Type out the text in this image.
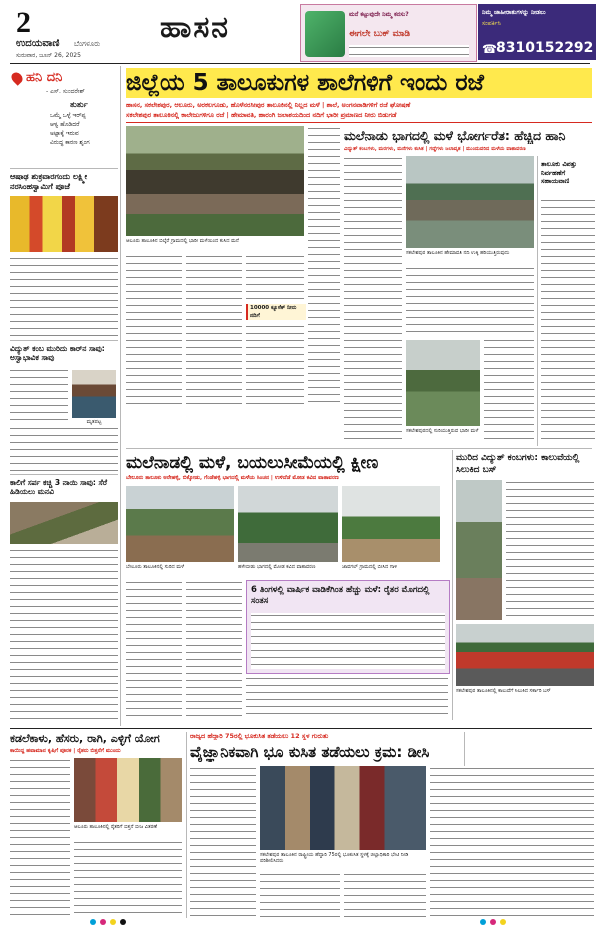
2
ಉದಯವಾಣಿ ಬೆಂಗಳೂರು
ಸುರುವಾರ, ಜೂನ್ 26, 2025
ಹಾಸನ	ಮನೆ ಕಟ್ಟುವುದೇ ನಿಮ್ಮ ಕನಸು?
ಈಗಲೇ ಬುಕ್ ಮಾಡಿ
ನಿಮ್ಮ ಜಾಹೀರಾತುಗಳನ್ನು ನೀಡಲು
ಸಂಪರ್ಕಿಸಿ
☎ 8310152292
ಹನಿ ದನಿ
- ಎಸ್. ಸುಂದರೇಶ್
ತುರ್ತು
ಒಮ್ಮೆ ಒಳ್ಳೆ ಇರ್‌ಪ್ಪ
ಆಳ್ವ ಹೊಡಿದರೆ
ಅಟ್ಟಾಕ್ಕೆ ಇರುವ
ವಿರುದ್ಧ ಕಾರಣ ಶೃಂಗ
ಆಷಾಢ ಶುಕ್ರವಾರಗಂದು ಲಕ್ಷ್ಮೀ ನರಸಿಂಹಸ್ವಾಮಿಗೆ ಪೂಜೆ
ವಿದ್ಯುತ್ ಕಂಬ ಮುರಿದು ಕಾರ್‌ನ ಸಾವು: ಅಸ್ವಾಭಾವಿಕ ಸಾವು
ಮೃತಪಟ್ಟ
ಕಾಲಿಗೆ ಸರ್ಪ ಕಚ್ಚಿ 3 ನಾಯಿ ಸಾವು: ಸೆರೆ ಹಿಡಿಯಲು ಮನವಿ
ಜಿಲ್ಲೆಯ 5 ತಾಲೂಕುಗಳ ಶಾಲೆಗಳಿಗೆ ಇಂದು ರಜೆ
ಹಾಸನ, ಸಕಲೇಶಪುರ, ಆಲೂರು, ಅರಕಲಗೂಡು, ಹೊಳೆನರಸೀಪುರ ತಾಲೂಕಿನಲ್ಲಿ ನಿಲ್ಲದ ಮಳೆ | ಶಾಲೆ, ಅಂಗನವಾಡಿಗಳಿಗೆ ರಜೆ ಘೋಷಣೆ
ಸಕಲೇಶಪುರ ತಾಲೂಕಿನಲ್ಲಿ ಕಾಲೇಜುಗಳಿಗೂ ರಜೆ | ಹೇಮಾವತಿ, ಹಾರಂಗಿ ಜಲಾಶಯದಿಂದ ನದಿಗೆ ಭಾರೀ ಪ್ರಮಾಣದ ನೀರು ಬಿಡುಗಡೆ
ಆಲೂರು ತಾಲೂಕಿನ ಬಿಲ್ಕೆರೆ ಗ್ರಾಮದಲ್ಲಿ ಭಾರೀ ಮಳೆಯಿಂದ ಕುಸಿದ ಮನೆ
10000 ಕ್ಯೂಸೆಕ್ ನೀರು ನದಿಗೆ
ಮಲೆನಾಡು ಭಾಗದಲ್ಲಿ ಮಳೆ ಭೋರ್ಗರೆತ: ಹೆಚ್ಚಿದ ಹಾನಿ
ವಿದ್ಯುತ್ ಕಂಬಗಳು, ಮರಗಳು, ಮನೆಗಳು ಕುಸಿತ | ಗದ್ದೆಗಳು ಜಲಾವೃತ | ಮುಂದುವರಿದ ಮಳೆಯ ವಾತಾವರಣ
ಸಕಲೇಶಪುರ ತಾಲೂಕಿನ ಹೇಮಾವತಿ ನದಿ ಉಕ್ಕಿ ಹರಿಯುತ್ತಿರುವುದು
ತಾಲೂಕು ವಿಪತ್ತು ನಿರ್ವಹಣೆಗೆ ಸಹಾಯವಾಣಿ
ಸಕಲೇಶಪುರದಲ್ಲಿ ಸುರಿಯುತ್ತಿರುವ ಭಾರೀ ಮಳೆ
ಮಲೆನಾಡಲ್ಲಿ ಮಳೆ, ಬಯಲುಸೀಮೆಯಲ್ಲಿ ಕ್ಷೀಣ
ಬೇಲೂರು ತಾಲೂಕು ಅರೇಹಳ್ಳಿ, ಬಿಕ್ಕೋಡು, ಗೆಂಡೆಹಳ್ಳಿ ಭಾಗದಲ್ಲಿ ಮಳೆಯ ಸಿಂಚನ | ಉಳಿದೆಡೆ ಮೋಡ ಕವಿದ ವಾತಾವರಣ
ಬೇಲೂರು ತಾಲೂಕಿನಲ್ಲಿ ಸುರಿದ ಮಳೆ	ಹಳೇಬೀಡು ಭಾಗದಲ್ಲಿ ಮೋಡ ಕವಿದ ವಾತಾವರಣ	ಜಾವಗಲ್ ಗ್ರಾಮದಲ್ಲಿ ಬೀಸಿದ ಗಾಳಿ
ಮುರಿದ ವಿದ್ಯುತ್ ಕಂಬಗಳು: ಕಾಲುವೆಯಲ್ಲಿ ಸಿಲುಕಿದ ಬಸ್
ಸಕಲೇಶಪುರ ತಾಲೂಕಿನಲ್ಲಿ ಕಾಲುವೆಗೆ ಸಿಲುಕಿದ ಸರ್ಕಾರಿ ಬಸ್
6 ತಿಂಗಳಲ್ಲಿ ವಾರ್ಷಿಕ ವಾಡಿಕೆಗಿಂತ ಹೆಚ್ಚು ಮಳೆ: ರೈತರ ಮೊಗದಲ್ಲಿ ಸಂತಸ
ಕಡಲೆಕಾಳು, ಹೆಸರು, ರಾಗಿ, ಎಳ್ಳಿಗೆ ಯೋಗ
ಕಾಯಿದ್ದ ಹವಾಮಾನ ಕೃಷಿಗೆ ಪೂರಕ | ರೈತರು ಬಿತ್ತನೆಗೆ ಮುಂದು
ಆಲೂರು ತಾಲೂಕಿನಲ್ಲಿ ರೈತರಿಗೆ ಬಿತ್ತನೆ ಬೀಜ ವಿತರಣೆ
ರಾಜ್ಯದ ಹೆದ್ದಾರಿ 75ರಲ್ಲಿ ಭೂಕುಸಿತ ತಡೆಯಲು 12 ಸ್ಥಳ ಗುರುತು
ವೈಜ್ಞಾನಿಕವಾಗಿ ಭೂ ಕುಸಿತ ತಡೆಯಲು ಕ್ರಮ: ಡೀಸಿ
ಸಕಲೇಶಪುರ ತಾಲೂಕಿನ ರಾಷ್ಟ್ರೀಯ ಹೆದ್ದಾರಿ 75ರಲ್ಲಿ ಭೂಕುಸಿತ ಸ್ಥಳಕ್ಕೆ ಜಿಲ್ಲಾಧಿಕಾರಿ ಭೇಟಿ ನೀಡಿ ಪರಿಶೀಲಿಸಿದರು
